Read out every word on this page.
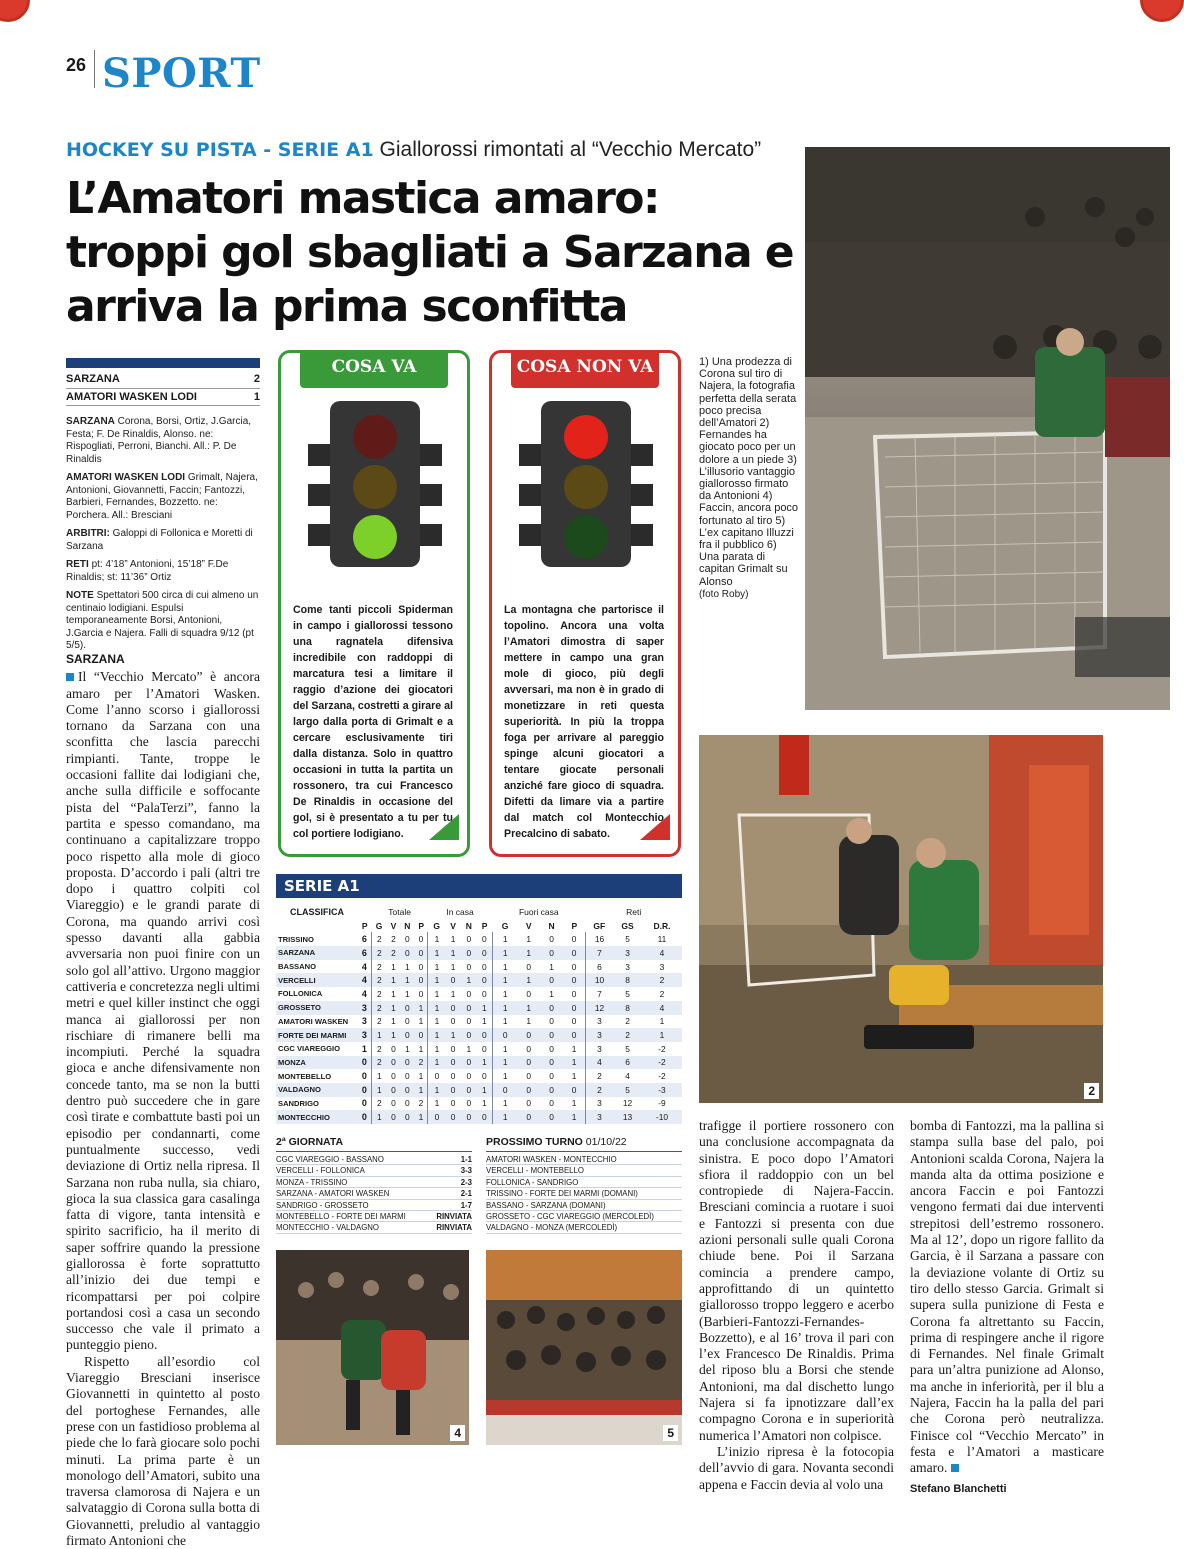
26 SPORT
HOCKEY SU PISTA - SERIE A1 Giallorossi rimontati al “Vecchio Mercato”
L’Amatori mastica amaro: troppi gol sbagliati a Sarzana e arriva la prima sconfitta
2
4	5
SARZANA	2
AMATORI WASKEN LODI	1

SARZANA Corona, Borsi, Ortiz, J.Garcia, Festa; F. De Rinaldis, Alonso. ne: Rispogliati, Perroni, Bianchi. All.: P. De Rinaldis

AMATORI WASKEN LODI Grimalt, Najera, Antonioni, Giovannetti, Faccin; Fantozzi, Barbieri, Fernandes, Bozzetto. ne: Porchera. All.: Bresciani

ARBITRI: Galoppi di Follonica e Moretti di Sarzana

RETI pt: 4’18” Antonioni, 15’18” F.De Rinaldis; st: 11’36” Ortiz

NOTE Spettatori 500 circa di cui almeno un centinaio lodigiani. Espulsi temporaneamente Borsi, Antonioni, J.Garcia e Najera. Falli di squadra 9/12 (pt 5/5).

SARZANA

Il “Vecchio Mercato” è ancora amaro per l’Amatori Wasken. Come l’anno scorso i giallorossi tornano da Sarzana con una sconfitta che lascia parecchi rimpianti. Tante, troppe le occasioni fallite dai lodigiani che, anche sulla difficile e soffocante pista del “PalaTerzi”, fanno la partita e spesso comandano, ma continuano a capitalizzare troppo poco rispetto alla mole di gioco proposta. D’accordo i pali (altri tre dopo i quattro colpiti col Viareggio) e le grandi parate di Corona, ma quando arrivi così spesso davanti alla gabbia avversaria non puoi finire con un solo gol all’attivo. Urgono maggior cattiveria e concretezza negli ultimi metri e quel killer instinct che oggi manca ai giallorossi per non rischiare di rimanere belli ma incompiuti. Perché la squadra gioca e anche difensivamente non concede tanto, ma se non la butti dentro può succedere che in gare così tirate e combattute basti poi un episodio per condannarti, come puntualmente successo, vedi deviazione di Ortiz nella ripresa. Il Sarzana non ruba nulla, sia chiaro, gioca la sua classica gara casalinga fatta di vigore, tanta intensità e spirito sacrificio, ha il merito di saper soffrire quando la pressione giallorossa è forte soprattutto all’inizio dei due tempi e ricompattarsi per poi colpire portandosi così a casa un secondo successo che vale il primato a punteggio pieno.

Rispetto all’esordio col Viareggio Bresciani inserisce Giovannetti in quintetto al posto del portoghese Fernandes, alle prese con un fastidioso problema al piede che lo farà giocare solo pochi minuti. La prima parte è un monologo dell’Amatori, subito una traversa clamorosa di Najera e un salvataggio di Corona sulla botta di Giovannetti, preludio al vantaggio firmato Antonioni che

COSA VA
Come tanti piccoli Spiderman in campo i giallorossi tessono una ragnatela difensiva incredibile con raddoppi di marcatura tesi a limitare il raggio d’azione dei giocatori del Sarzana, costretti a girare al largo dalla porta di Grimalt e a cercare esclusivamente tiri dalla distanza. Solo in quattro occasioni in tutta la partita un rossonero, tra cui Francesco De Rinaldis in occasione del gol, si è presentato a tu per tu col portiere lodigiano.
COSA NON VA
La montagna che partorisce il topolino. Ancora una volta l’Amatori dimostra di saper mettere in campo una gran mole di gioco, più degli avversari, ma non è in grado di monetizzare in reti questa superiorità. In più la troppa foga per arrivare al pareggio spinge alcuni giocatori a tentare giocate personali anziché fare gioco di squadra. Difetti da limare via a partire dal match col Montecchio Precalcino di sabato.
1) Una prodezza di Corona sul tiro di Najera, la fotografia perfetta della serata poco precisa dell’Amatori 2) Fernandes ha giocato poco per un dolore a un piede 3) L’illusorio vantaggio giallorosso firmato da Antonioni 4) Faccin, ancora poco fortunato al tiro 5) L’ex capitano Illuzzi fra il pubblico 6) Una parata di capitan Grimalt su Alonso
(foto Roby)
SERIE A1
CLASSIFICA		Totale				In casa				Fuori casa				Reti		
	P	G	V	N	P	G	V	N	P	G	V	N	P	GF	GS	D.R.
TRISSINO	6	2	2	0	0	1	1	0	0	1	1	0	0	16	5	11
SARZANA	6	2	2	0	0	1	1	0	0	1	1	0	0	7	3	4
BASSANO	4	2	1	1	0	1	1	0	0	1	0	1	0	6	3	3
VERCELLI	4	2	1	1	0	1	0	1	0	1	1	0	0	10	8	2
FOLLONICA	4	2	1	1	0	1	1	0	0	1	0	1	0	7	5	2
GROSSETO	3	2	1	0	1	1	0	0	1	1	1	0	0	12	8	4
AMATORI WASKEN	3	2	1	0	1	1	0	0	1	1	1	0	0	3	2	1
FORTE DEI MARMI	3	1	1	0	0	1	1	0	0	0	0	0	0	3	2	1
CGC VIAREGGIO	1	2	0	1	1	1	0	1	0	1	0	0	1	3	5	-2
MONZA	0	2	0	0	2	1	0	0	1	1	0	0	1	4	6	-2
MONTEBELLO	0	1	0	0	1	0	0	0	0	1	0	0	1	2	4	-2
VALDAGNO	0	1	0	0	1	1	0	0	1	0	0	0	0	2	5	-3
SANDRIGO	0	2	0	0	2	1	0	0	1	1	0	0	1	3	12	-9
MONTECCHIO	0	1	0	0	1	0	0	0	0	1	0	0	1	3	13	-10
2ª GIORNATA
CGC VIAREGGIO - BASSANO	1-1
VERCELLI - FOLLONICA	3-3
MONZA - TRISSINO	2-3
SARZANA - AMATORI WASKEN	2-1
SANDRIGO - GROSSETO	1-7
MONTEBELLO - FORTE DEI MARMI	RINVIATA
MONTECCHIO - VALDAGNO	RINVIATA
PROSSIMO TURNO 01/10/22
AMATORI WASKEN - MONTECCHIO
VERCELLI - MONTEBELLO
FOLLONICA - SANDRIGO
TRISSINO - FORTE DEI MARMI (DOMANI)
BASSANO - SARZANA (DOMANI)
GROSSETO - CGC VIAREGGIO (MERCOLEDÌ)
VALDAGNO - MONZA (MERCOLEDÌ)

trafigge il portiere rossonero con una conclusione accompagnata da sinistra. E poco dopo l’Amatori sfiora il raddoppio con un bel contropiede di Najera-Faccin. Bresciani comincia a ruotare i suoi e Fantozzi si presenta con due azioni personali sulle quali Corona chiude bene. Poi il Sarzana comincia a prendere campo, approfittando di un quintetto giallorosso troppo leggero e acerbo (Barbieri-Fantozzi-Fernandes-Bozzetto), e al 16’ trova il pari con l’ex Francesco De Rinaldis. Prima del riposo blu a Borsi che stende Antonioni, ma dal dischetto lungo Najera si fa ipnotizzare dall’ex compagno Corona e in superiorità numerica l’Amatori non colpisce.

L’inizio ripresa è la fotocopia dell’avvio di gara. Novanta secondi appena e Faccin devia al volo una

bomba di Fantozzi, ma la pallina si stampa sulla base del palo, poi Antonioni scalda Corona, Najera la manda alta da ottima posizione e ancora Faccin e poi Fantozzi vengono fermati dai due interventi strepitosi dell’estremo rossonero. Ma al 12’, dopo un rigore fallito da Garcia, è il Sarzana a passare con la deviazione volante di Ortiz su tiro dello stesso Garcia. Grimalt si supera sulla punizione di Festa e Corona fa altrettanto su Faccin, prima di respingere anche il rigore di Fernandes. Nel finale Grimalt para un’altra punizione ad Alonso, ma anche in inferiorità, per il blu a Najera, Faccin ha la palla del pari che Corona però neutralizza. Finisce col “Vecchio Mercato” in festa e l’Amatori a masticare amaro.

Stefano Blanchetti
